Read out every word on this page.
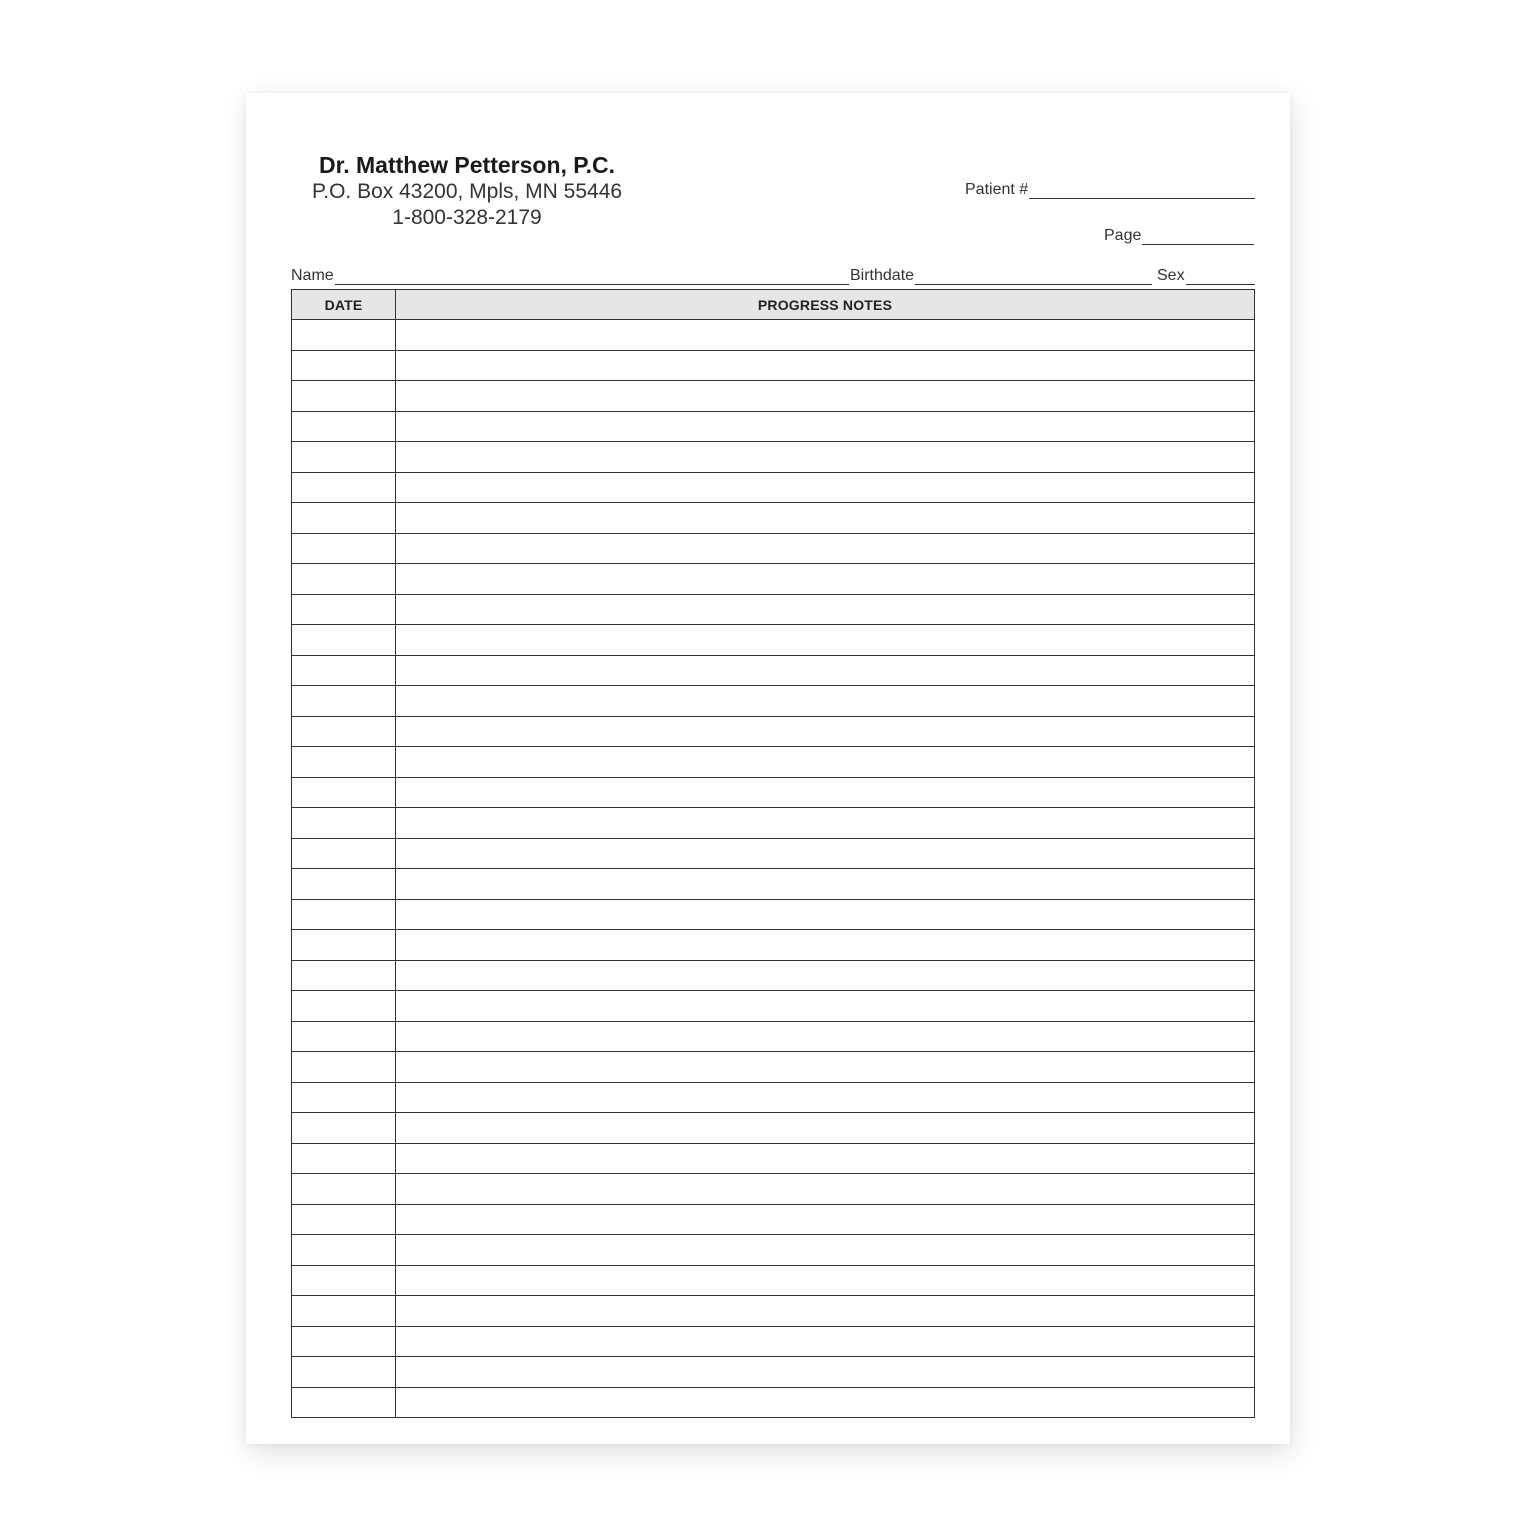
Dr. Matthew Petterson, P.C.
P.O. Box 43200, Mpls, MN 55446
1-800-328-2179
Patient #
Page
Name	Birthdate	Sex
DATE	PROGRESS NOTES
